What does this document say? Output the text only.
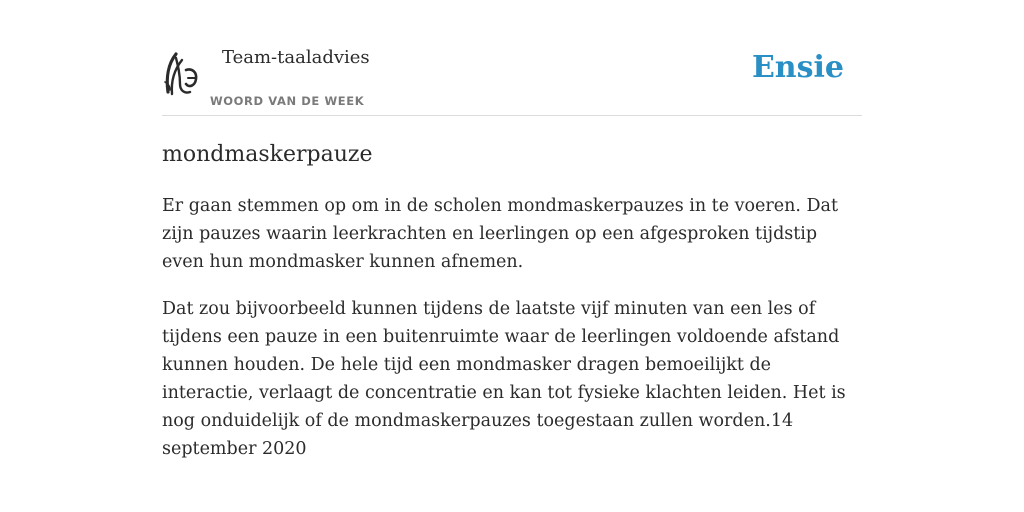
Team-taaladvies
WOORD VAN DE WEEK
Ensie
mondmaskerpauze

Er gaan stemmen op om in de scholen mondmaskerpauzes in te voeren. Dat zijn pauzes waarin leerkrachten en leerlingen op een afgesproken tijdstip even hun mondmasker kunnen afnemen.

Dat zou bijvoorbeeld kunnen tijdens de laatste vijf minuten van een les of tijdens een pauze in een buitenruimte waar de leerlingen voldoende afstand kunnen houden. De hele tijd een mondmasker dragen bemoeilijkt de interactie, verlaagt de concentratie en kan tot fysieke klachten leiden. Het is nog onduidelijk of de mondmaskerpauzes toegestaan zullen worden.14 september 2020
